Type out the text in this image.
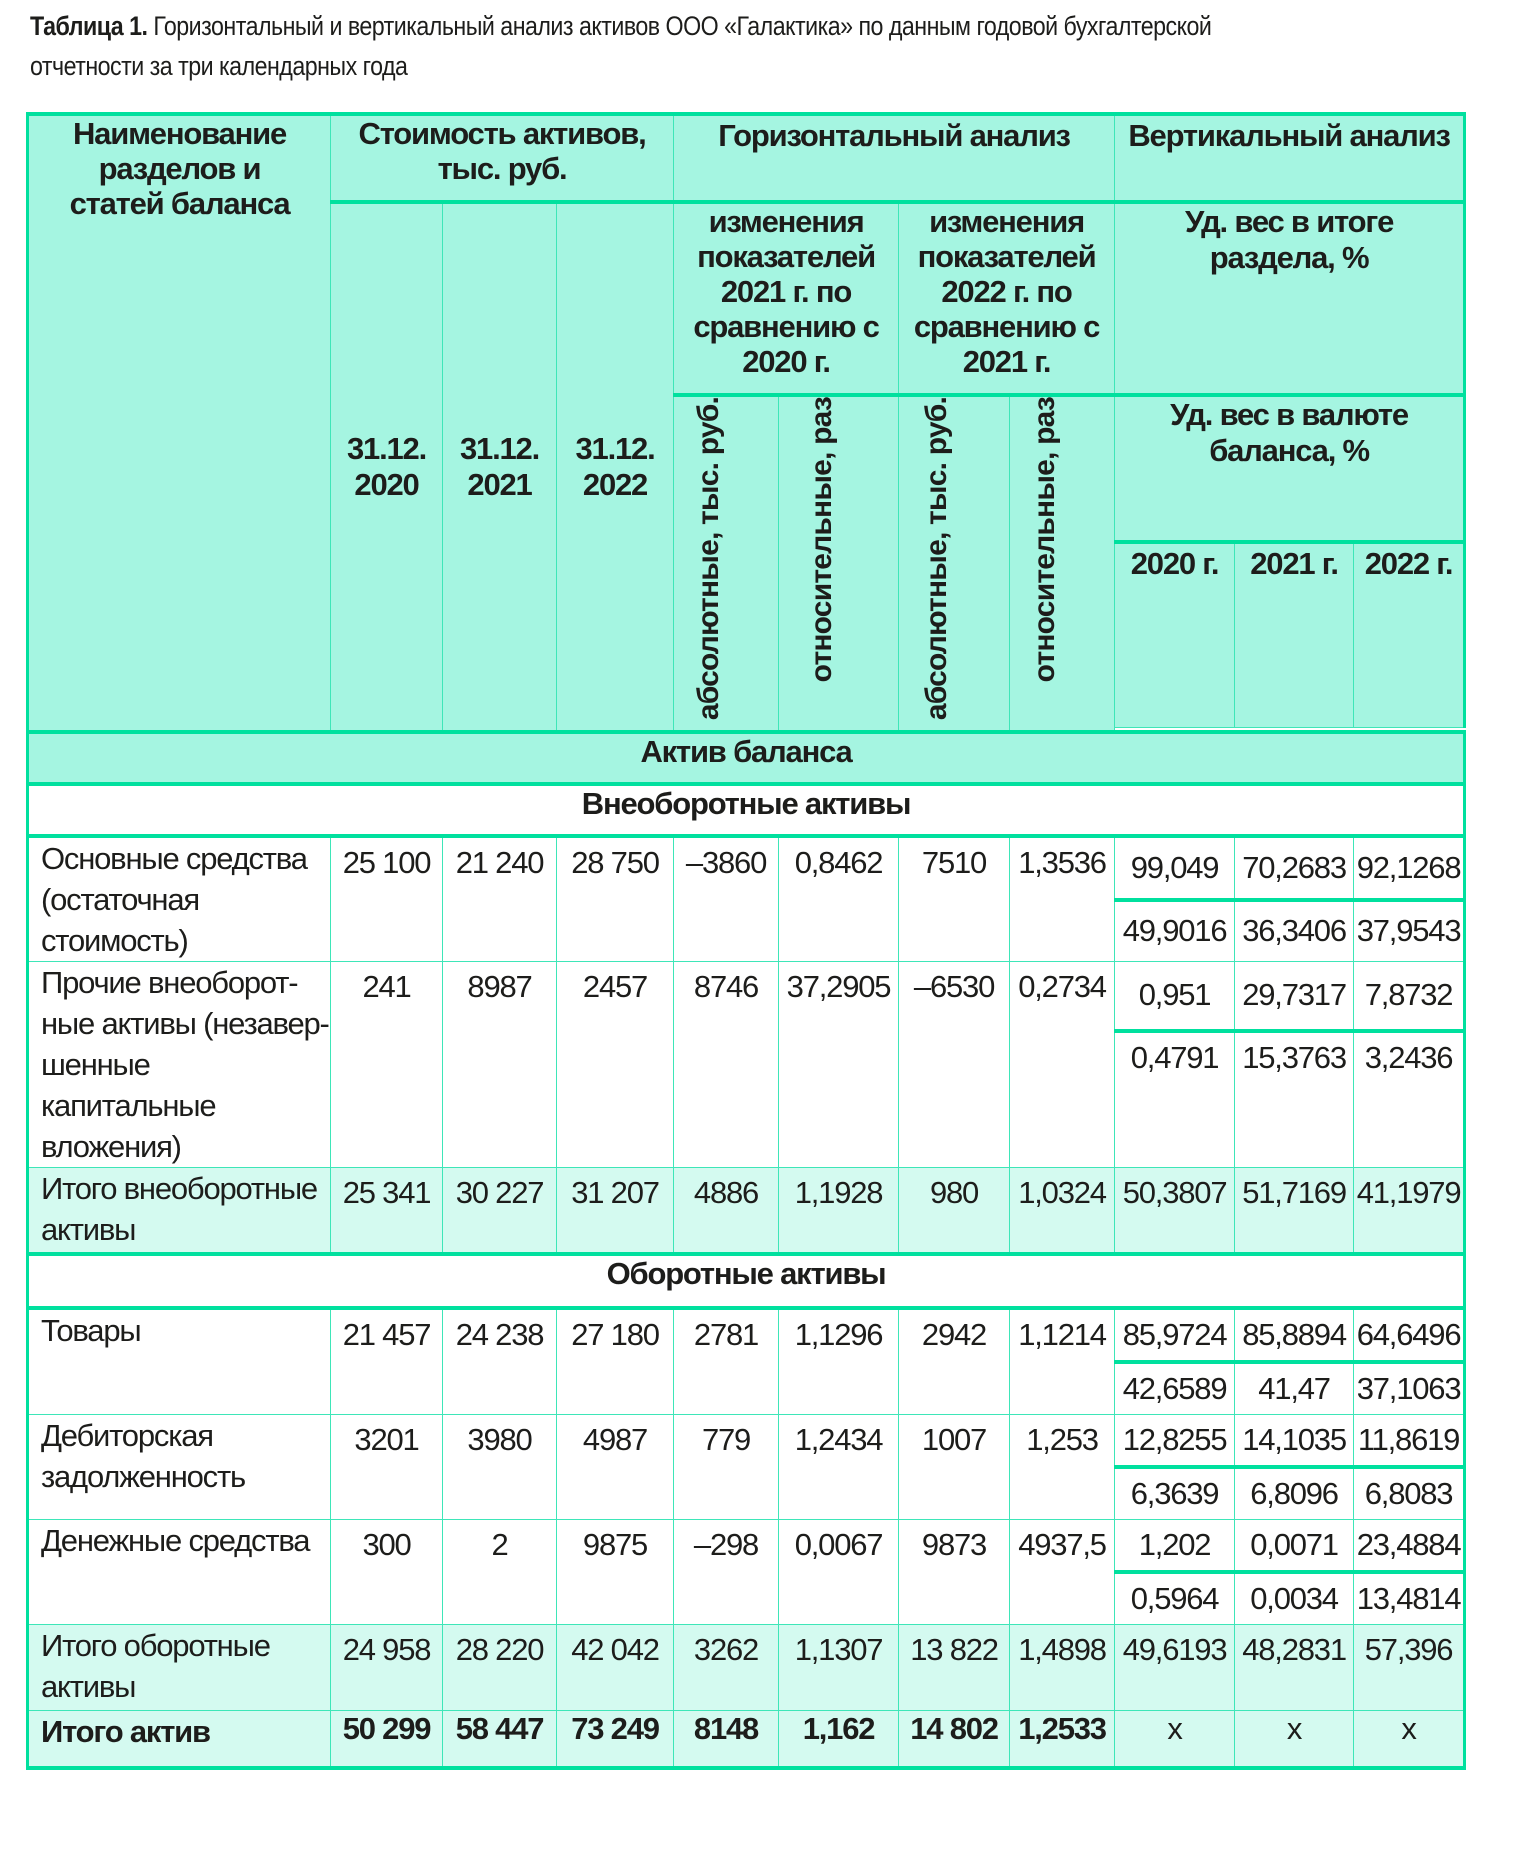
Таблица 1. Горизонтальный и вертикальный анализ активов ООО «Галактика» по данным годовой бухгалтерской
отчетности за три календарных года
Наименование разделов и статей баланса	Стоимость активов, тыс. руб.			Горизонтальный анализ				Вертикальный анализ		
	31.12. 2020	31.12. 2021	31.12. 2022	изменения показателей 2021 г. по сравнению с 2020 г.		изменения показателей 2022 г. по сравнению с 2021 г.		Уд. вес в итоге раздела, %		
				абсолютные, тыс. руб.	относительные, раз	абсолютные, тыс. руб.	относительные, раз	Уд. вес в валюте баланса, %		
								2020 г.	2021 г.	2022 г.

Актив баланса										
Внеоборотные активы										
Основные средства (остаточная стоимость)	25 100	21 240	28 750	–3860	0,8462	7510	1,3536	99,049	70,2683	92,1268
								49,9016	36,3406	37,9543
Прочие внеоборот-ные активы (незавер-шенные капитальные вложения)	241	8987	2457	8746	37,2905	–6530	0,2734	0,951	29,7317	7,8732
								0,4791	15,3763	3,2436
Итого внеоборотные активы	25 341	30 227	31 207	4886	1,1928	980	1,0324	50,3807	51,7169	41,1979
Оборотные активы										
Товары	21 457	24 238	27 180	2781	1,1296	2942	1,1214	85,9724	85,8894	64,6496
								42,6589	41,47	37,1063
Дебиторская задолженность	3201	3980	4987	779	1,2434	1007	1,253	12,8255	14,1035	11,8619
								6,3639	6,8096	6,8083
Денежные средства	300	2	9875	–298	0,0067	9873	4937,5	1,202	0,0071	23,4884
								0,5964	0,0034	13,4814
Итого оборотные активы	24 958	28 220	42 042	3262	1,1307	13 822	1,4898	49,6193	48,2831	57,396
Итого актив	50 299	58 447	73 249	8148	1,162	14 802	1,2533	x	x	x
